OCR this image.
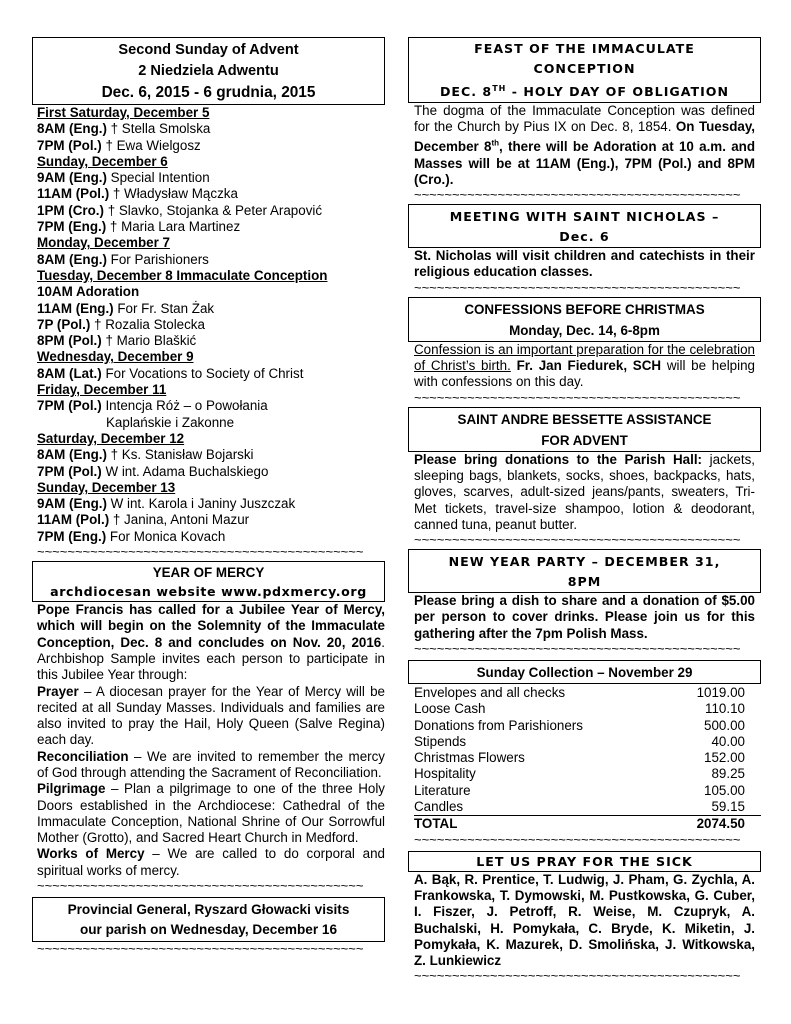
Second Sunday of Advent
2 Niedziela Adwentu
Dec. 6, 2015 - 6 grudnia, 2015
First Saturday, December 5
8AM (Eng.) † Stella Smolska
7PM (Pol.) † Ewa Wielgosz
Sunday, December 6
9AM (Eng.) Special Intention
11AM (Pol.) † Władysław Mączka
1PM (Cro.) † Slavko, Stojanka & Peter Arapović
7PM (Eng.) † Maria Lara Martinez
Monday, December 7
8AM (Eng.) For Parishioners
Tuesday, December 8 Immaculate Conception
10AM Adoration
11AM (Eng.) For Fr. Stan Żak
7P (Pol.) † Rozalia Stolecka
8PM (Pol.) † Mario Blaškić
Wednesday, December 9
8AM (Lat.) For Vocations to Society of Christ
Friday, December 11
7PM (Pol.) Intencja Róż – o Powołania
Kaplańskie i Zakonne
Saturday, December 12
8AM (Eng.) † Ks. Stanisław Bojarski
7PM (Pol.) W int. Adama Buchalskiego
Sunday, December 13
9AM (Eng.) W int. Karola i Janiny Juszczak
11AM (Pol.) † Janina, Antoni Mazur
7PM (Eng.) For Monica Kovach
~~~~~~~~~~~~~~~~~~~~~~~~~~~~~~~~~~~~~~~~~~~
YEAR OF MERCY
archdiocesan website www.pdxmercy.org

Pope Francis has called for a Jubilee Year of Mercy, which will begin on the Solemnity of the Immaculate Conception, Dec. 8 and concludes on Nov. 20, 2016. Archbishop Sample invites each person to participate in this Jubilee Year through:

Prayer – A diocesan prayer for the Year of Mercy will be recited at all Sunday Masses. Individuals and families are also invited to pray the Hail, Holy Queen (Salve Regina) each day.

Reconciliation – We are invited to remember the mercy of God through attending the Sacrament of Reconciliation.

Pilgrimage – Plan a pilgrimage to one of the three Holy Doors established in the Archdiocese: Cathedral of the Immaculate Conception, National Shrine of Our Sorrowful Mother (Grotto), and Sacred Heart Church in Medford.

Works of Mercy – We are called to do corporal and spiritual works of mercy.

~~~~~~~~~~~~~~~~~~~~~~~~~~~~~~~~~~~~~~~~~~~
Provincial General, Ryszard Głowacki visits
our parish on Wednesday, December 16
~~~~~~~~~~~~~~~~~~~~~~~~~~~~~~~~~~~~~~~~~~~
FEAST OF THE IMMACULATE
CONCEPTION
DEC. 8TH - HOLY DAY OF OBLIGATION

The dogma of the Immaculate Conception was defined for the Church by Pius IX on Dec. 8, 1854. On Tuesday, December 8th, there will be Adoration at 10 a.m. and Masses will be at 11AM (Eng.), 7PM (Pol.) and 8PM (Cro.).

~~~~~~~~~~~~~~~~~~~~~~~~~~~~~~~~~~~~~~~~~~~
MEETING WITH SAINT NICHOLAS –
Dec. 6

St. Nicholas will visit children and catechists in their religious education classes.

~~~~~~~~~~~~~~~~~~~~~~~~~~~~~~~~~~~~~~~~~~~
CONFESSIONS BEFORE CHRISTMAS
Monday, Dec. 14, 6-8pm

Confession is an important preparation for the celebration of Christ’s birth. Fr. Jan Fiedurek, SCH will be helping with confessions on this day.

~~~~~~~~~~~~~~~~~~~~~~~~~~~~~~~~~~~~~~~~~~~
SAINT ANDRE BESSETTE ASSISTANCE
FOR ADVENT

Please bring donations to the Parish Hall: jackets, sleeping bags, blankets, socks, shoes, backpacks, hats, gloves, scarves, adult-sized jeans/pants, sweaters, Tri-Met tickets, travel-size shampoo, lotion & deodorant, canned tuna, peanut butter.

~~~~~~~~~~~~~~~~~~~~~~~~~~~~~~~~~~~~~~~~~~~
NEW YEAR PARTY – DECEMBER 31,
8PM

Please bring a dish to share and a donation of $5.00 per person to cover drinks. Please join us for this gathering after the 7pm Polish Mass.

~~~~~~~~~~~~~~~~~~~~~~~~~~~~~~~~~~~~~~~~~~~
Sunday Collection – November 29
Envelopes and all checks	1019.00
Loose Cash	110.10
Donations from Parishioners	500.00
Stipends	40.00
Christmas Flowers	152.00
Hospitality	89.25
Literature	105.00
Candles	59.15
TOTAL	2074.50
~~~~~~~~~~~~~~~~~~~~~~~~~~~~~~~~~~~~~~~~~~~
LET US PRAY FOR THE SICK

A. Bąk, R. Prentice, T. Ludwig, J. Pham, G. Zychla, A. Frankowska, T. Dymowski, M. Pustkowska, G. Cuber, I. Fiszer, J. Petroff, R. Weise, M. Czupryk, A. Buchalski, H. Pomykała, C. Bryde, K. Miketin, J. Pomykała, K. Mazurek, D. Smolińska, J. Witkowska, Z. Lunkiewicz

~~~~~~~~~~~~~~~~~~~~~~~~~~~~~~~~~~~~~~~~~~~
